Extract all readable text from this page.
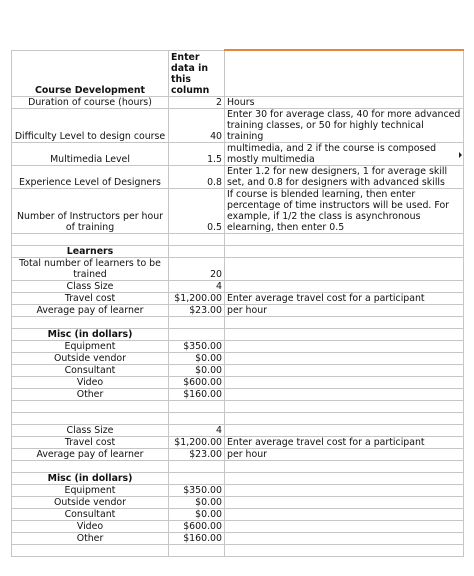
Course Development	Enter data in this column	
Duration of course (hours)	2	Hours
Difficulty Level to design course	40	Enter 30 for average class, 40 for more advanced training classes, or 50 for highly technical training
Multimedia Level	1.5	multimedia, and 2 if the course is composed mostly multimedia

Experience Level of Designers	0.8	Enter 1.2 for new designers, 1 for average skill set, and 0.8 for designers with advanced skills
Number of Instructors per hour of training	0.5	If course is blended learning, then enter percentage of time instructors will be used. For example, if 1/2 the class is asynchronous elearning, then enter 0.5

Learners		
Total number of learners to be trained	20	
Class Size	4	
Travel cost	$1,200.00	Enter average travel cost for a participant
Average pay of learner	$23.00	per hour

Misc (in dollars)		
Equipment	$350.00	
Outside vendor	$0.00	
Consultant	$0.00	
Video	$600.00	
Other	$160.00	

Class Size	4	
Travel cost	$1,200.00	Enter average travel cost for a participant
Average pay of learner	$23.00	per hour

Misc (in dollars)		
Equipment	$350.00	
Outside vendor	$0.00	
Consultant	$0.00	
Video	$600.00	
Other	$160.00	
